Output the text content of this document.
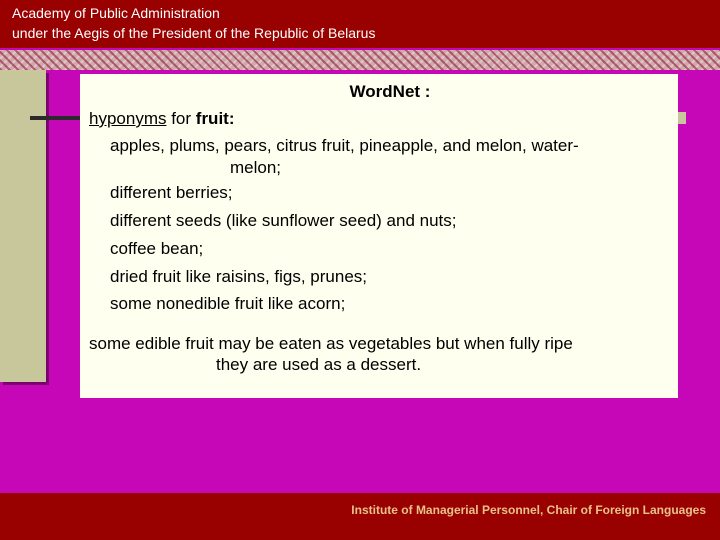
Academy of Public Administration
under the Aegis of the President of the Republic of Belarus
WordNet :
hyponyms for fruit:
apples, plums, pears, citrus fruit, pineapple, and melon, water-
melon;
different berries;
different seeds (like sunflower seed) and nuts;
coffee bean;
dried fruit like raisins, figs, prunes;
some nonedible fruit like acorn;
some edible fruit may be eaten as vegetables but when fully ripe
they are used as a dessert.
Institute of Managerial Personnel, Chair of Foreign Languages
